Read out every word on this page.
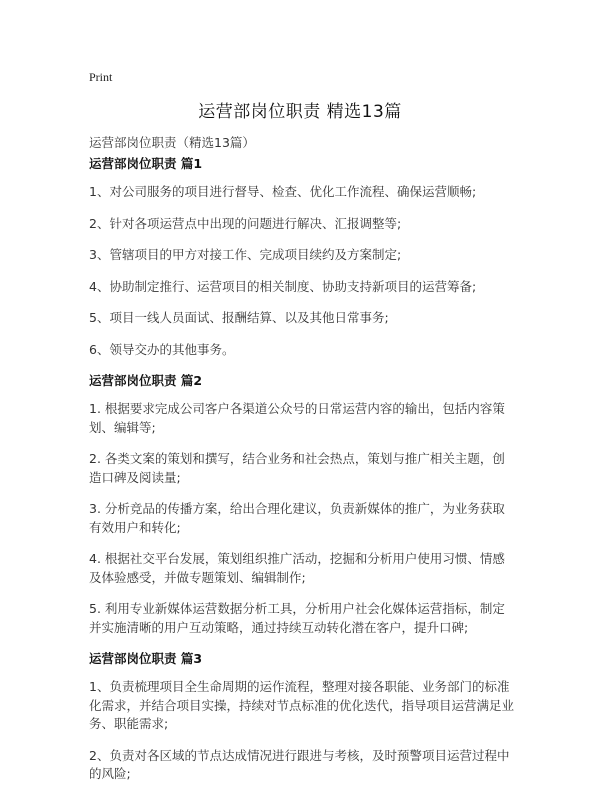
Print
运营部岗位职责 精选13篇
运营部岗位职责（精选13篇）
运营部岗位职责 篇1
1、对公司服务的项目进行督导、检查、优化工作流程、确保运营顺畅;
2、针对各项运营点中出现的问题进行解决、汇报调整等;
3、管辖项目的甲方对接工作、完成项目续约及方案制定;
4、协助制定推行、运营项目的相关制度、协助支持新项目的运营筹备;
5、项目一线人员面试、报酬结算、以及其他日常事务;
6、领导交办的其他事务。
运营部岗位职责 篇2
1. 根据要求完成公司客户各渠道公众号的日常运营内容的输出，包括内容策划、编辑等;
2. 各类文案的策划和撰写，结合业务和社会热点，策划与推广相关主题，创造口碑及阅读量;
3. 分析竞品的传播方案，给出合理化建议，负责新媒体的推广，为业务获取有效用户和转化;
4. 根据社交平台发展，策划组织推广活动，挖掘和分析用户使用习惯、情感及体验感受，并做专题策划、编辑制作;
5. 利用专业新媒体运营数据分析工具，分析用户社会化媒体运营指标，制定并实施清晰的用户互动策略，通过持续互动转化潜在客户，提升口碑;
运营部岗位职责 篇3
1、负责梳理项目全生命周期的运作流程，整理对接各职能、业务部门的标准化需求，并结合项目实操，持续对节点标准的优化迭代，指导项目运营满足业务、职能需求;
2、负责对各区域的节点达成情况进行跟进与考核，及时预警项目运营过程中的风险;
